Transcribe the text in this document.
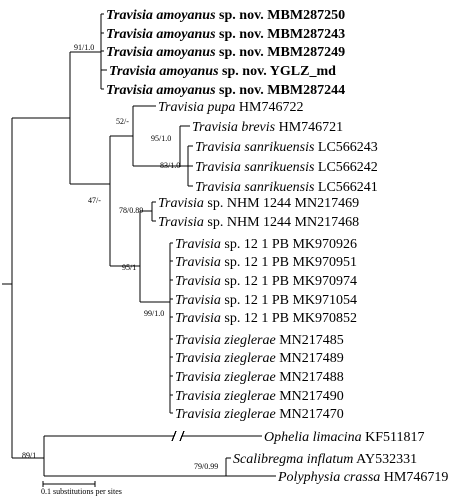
Travisia amoyanus sp. nov. MBM287250
Travisia amoyanus sp. nov. MBM287243
Travisia amoyanus sp. nov. MBM287249
Travisia amoyanus sp. nov. YGLZ_md
Travisia amoyanus sp. nov. MBM287244
Travisia pupa HM746722
Travisia brevis HM746721
Travisia sanrikuensis LC566243
Travisia sanrikuensis LC566242
Travisia sanrikuensis LC566241
Travisia sp. NHM 1244 MN217469
Travisia sp. NHM 1244 MN217468
Travisia sp. 12 1 PB MK970926
Travisia sp. 12 1 PB MK970951
Travisia sp. 12 1 PB MK970974
Travisia sp. 12 1 PB MK971054
Travisia sp. 12 1 PB MK970852
Travisia zieglerae MN217485
Travisia zieglerae MN217489
Travisia zieglerae MN217488
Travisia zieglerae MN217490
Travisia zieglerae MN217470
Ophelia limacina KF511817
Scalibregma inflatum AY532331
Polyphysia crassa HM746719
91/1.0
52/-
95/1.0
83/1.0
47/-
78/0.89
95/1
99/1.0
89/1
79/0.99
0.1 substitutions per sites
